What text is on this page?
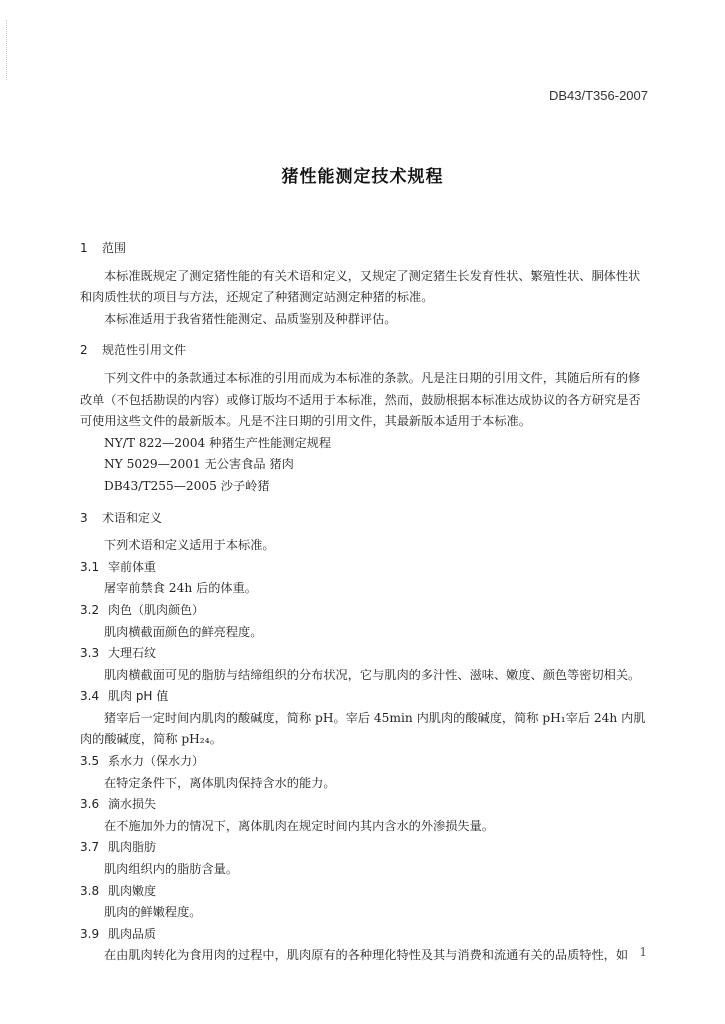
DB43/T356-2007
猪性能测定技术规程

1 范围

本标准既规定了测定猪性能的有关术语和定义，又规定了测定猪生长发育性状、繁殖性状、胴体性状和肉质性状的项目与方法，还规定了种猪测定站测定种猪的标准。

本标准适用于我省猪性能测定、品质鉴别及种群评估。

2 规范性引用文件

下列文件中的条款通过本标准的引用而成为本标准的条款。凡是注日期的引用文件，其随后所有的修改单（不包括勘误的内容）或修订版均不适用于本标准，然而，鼓励根据本标准达成协议的各方研究是否可使用这些文件的最新版本。凡是不注日期的引用文件，其最新版本适用于本标准。

NY/T 822—2004 种猪生产性能测定规程

NY 5029—2001 无公害食品 猪肉

DB43/T255—2005 沙子岭猪

3 术语和定义

下列术语和定义适用于本标准。

3.1 宰前体重

屠宰前禁食 24h 后的体重。

3.2 肉色（肌肉颜色）

肌肉横截面颜色的鲜亮程度。

3.3 大理石纹

肌肉横截面可见的脂肪与结缔组织的分布状况，它与肌肉的多汁性、滋味、嫩度、颜色等密切相关。

3.4 肌肉 pH 值

猪宰后一定时间内肌肉的酸碱度，简称 pH。宰后 45min 内肌肉的酸碱度，简称 pH₁宰后 24h 内肌肉的酸碱度，简称 pH₂₄。

3.5 系水力（保水力）

在特定条件下，离体肌肉保持含水的能力。

3.6 滴水损失

在不施加外力的情况下，离体肌肉在规定时间内其内含水的外渗损失量。

3.7 肌肉脂肪

肌肉组织内的脂肪含量。

3.8 肌肉嫩度

肌肉的鲜嫩程度。

3.9 肌肉品质

在由肌肉转化为食用肉的过程中，肌肉原有的各种理化特性及其与消费和流通有关的品质特性，如 1
